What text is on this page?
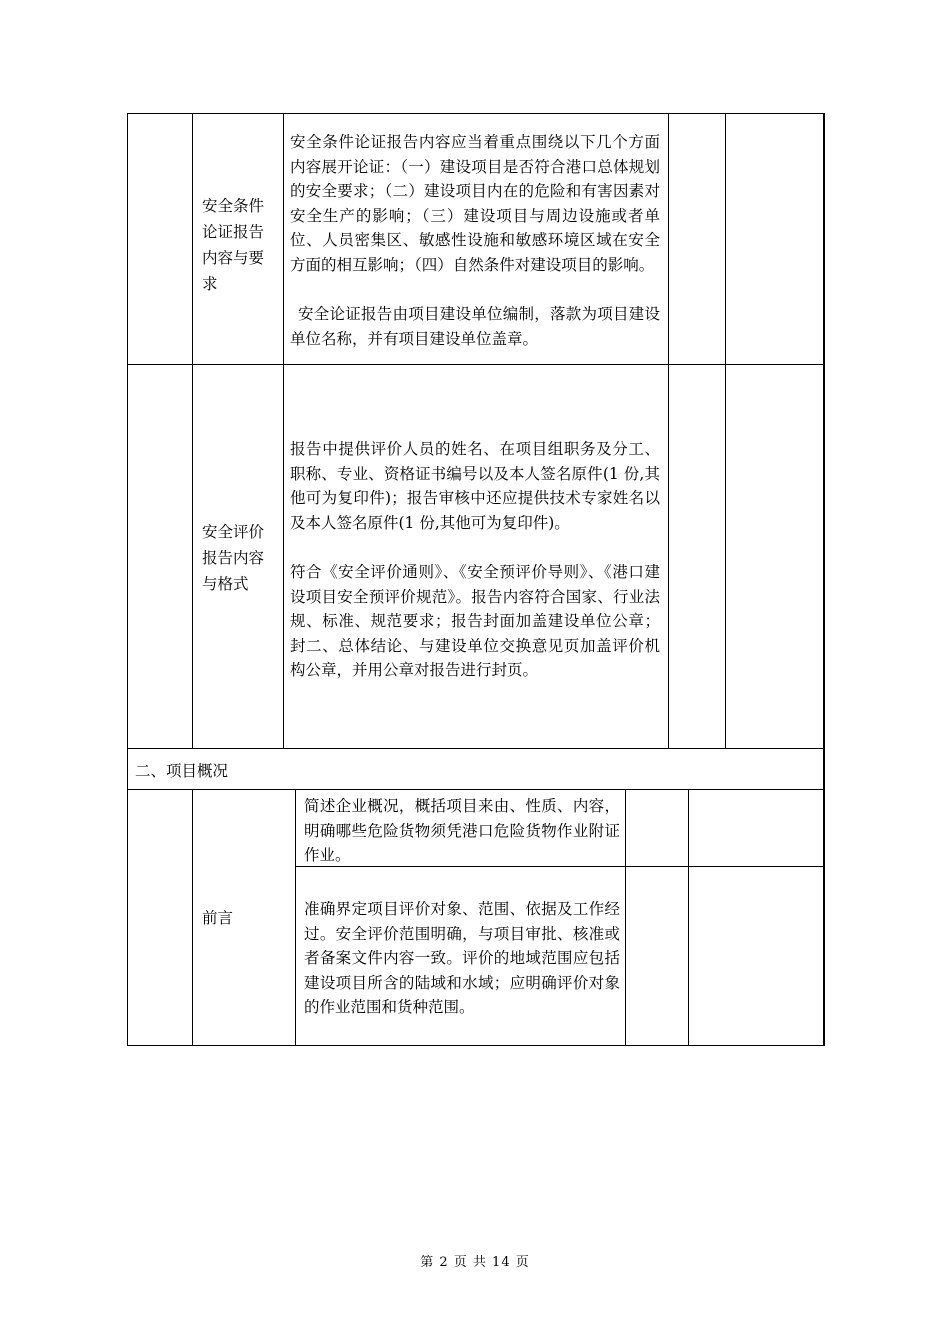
安全条件论证报告内容与要求
安全条件论证报告内容应当着重点围绕以下几个方面内容展开论证：（一）建设项目是否符合港口总体规划的安全要求；（二）建设项目内在的危险和有害因素对安全生产的影响；（三）建设项目与周边设施或者单位、人员密集区、敏感性设施和敏感环境区域在安全方面的相互影响；（四）自然条件对建设项目的影响。
安全论证报告由项目建设单位编制，落款为项目建设单位名称，并有项目建设单位盖章。
安全评价报告内容与格式
报告中提供评价人员的姓名、在项目组职务及分工、职称、专业、资格证书编号以及本人签名原件(1 份,其他可为复印件)；报告审核中还应提供技术专家姓名以及本人签名原件(1 份,其他可为复印件)。
符合《安全评价通则》、《安全预评价导则》、《港口建设项目安全预评价规范》。报告内容符合国家、行业法规、标准、规范要求；报告封面加盖建设单位公章；封二、总体结论、与建设单位交换意见页加盖评价机构公章，并用公章对报告进行封页。
二、项目概况
前言
简述企业概况，概括项目来由、性质、内容，明确哪些危险货物须凭港口危险货物作业附证作业。
准确界定项目评价对象、范围、依据及工作经过。安全评价范围明确，与项目审批、核准或者备案文件内容一致。评价的地域范围应包括建设项目所含的陆域和水域；应明确评价对象的作业范围和货种范围。
第 2 页 共 14 页
